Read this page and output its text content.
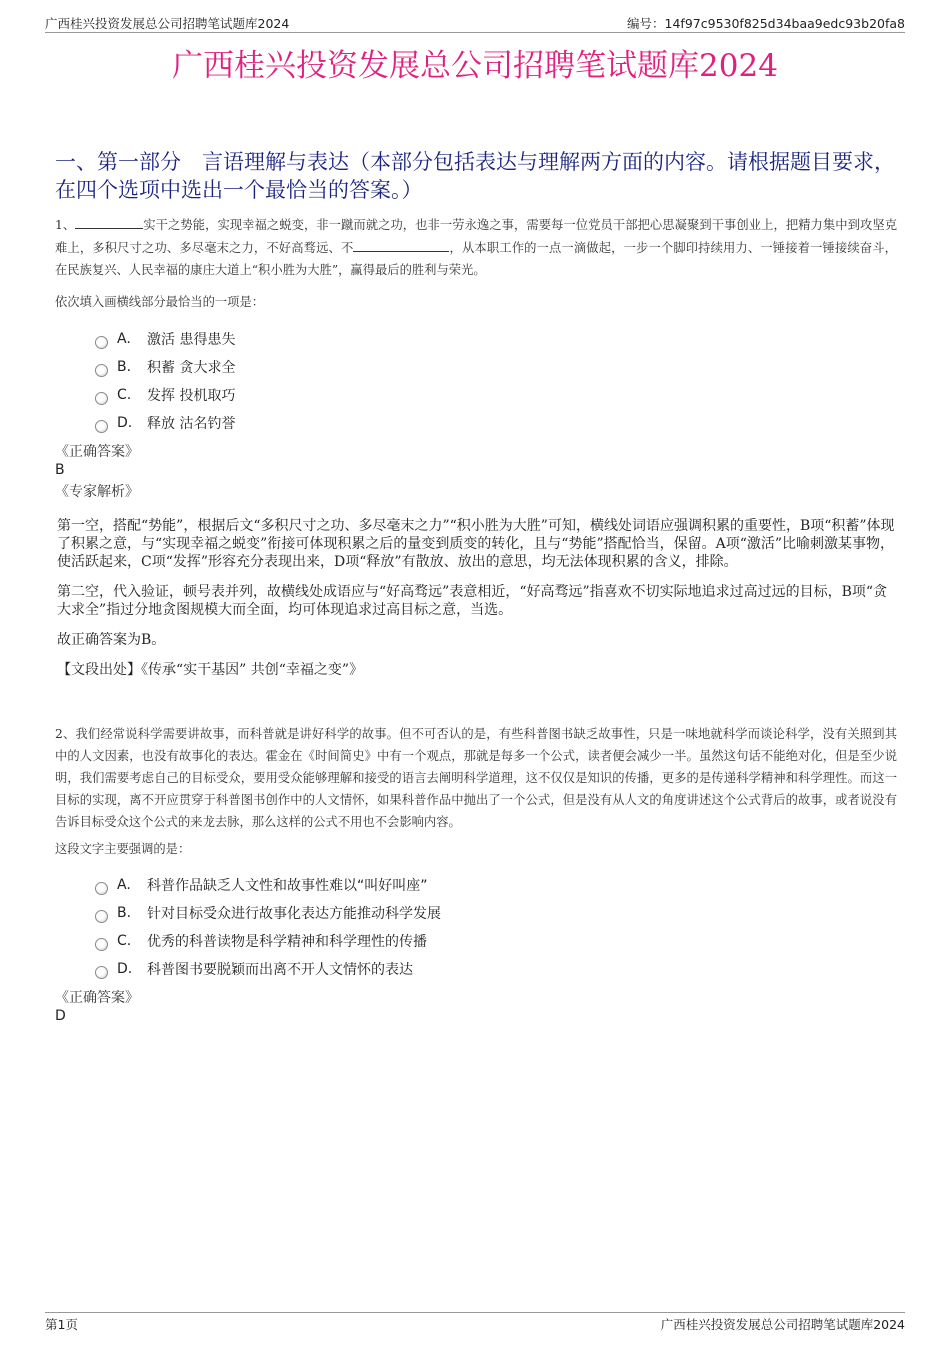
广西桂兴投资发展总公司招聘笔试题库2024	编号：14f97c9530f825d34baa9edc93b20fa8
广西桂兴投资发展总公司招聘笔试题库2024
一、第一部分　言语理解与表达（本部分包括表达与理解两方面的内容。请根据题目要求，在四个选项中选出一个最恰当的答案。）
1、	实干之势能，实现幸福之蜕变，非一蹴而就之功，也非一劳永逸之事，需要每一位党员干部把心思凝聚到干事创业上，把精力集中到攻坚克难上，多积尺寸之功、多尽毫末之力，不好高骛远、不	，从本职工作的一点一滴做起，一步一个脚印持续用力、一锤接着一锤接续奋斗，在民族复兴、人民幸福的康庄大道上“积小胜为大胜”，赢得最后的胜利与荣光。
依次填入画横线部分最恰当的一项是：
A.	激活 患得患失
B.	积蓄 贪大求全
C.	发挥 投机取巧
D.	释放 沽名钓誉
《正确答案》
B
《专家解析》

第一空，搭配“势能”，根据后文“多积尺寸之功、多尽毫末之力”“积小胜为大胜”可知，横线处词语应强调积累的重要性，B项“积蓄”体现了积累之意，与“实现幸福之蜕变”衔接可体现积累之后的量变到质变的转化，且与“势能”搭配恰当，保留。A项“激活”比喻刺激某事物，使活跃起来，C项“发挥”形容充分表现出来，D项“释放”有散放、放出的意思，均无法体现积累的含义，排除。

第二空，代入验证，顿号表并列，故横线处成语应与“好高骛远”表意相近，“好高骛远”指喜欢不切实际地追求过高过远的目标，B项“贪大求全”指过分地贪图规模大而全面，均可体现追求过高目标之意，当选。

故正确答案为B。

【文段出处】《传承“实干基因” 共创“幸福之变”》

2、我们经常说科学需要讲故事，而科普就是讲好科学的故事。但不可否认的是，有些科普图书缺乏故事性，只是一味地就科学而谈论科学，没有关照到其中的人文因素，也没有故事化的表达。霍金在《时间简史》中有一个观点，那就是每多一个公式，读者便会减少一半。虽然这句话不能绝对化，但是至少说明，我们需要考虑自己的目标受众，要用受众能够理解和接受的语言去阐明科学道理，这不仅仅是知识的传播，更多的是传递科学精神和科学理性。而这一目标的实现，离不开应贯穿于科普图书创作中的人文情怀，如果科普作品中抛出了一个公式，但是没有从人文的角度讲述这个公式背后的故事，或者说没有告诉目标受众这个公式的来龙去脉，那么这样的公式不用也不会影响内容。
这段文字主要强调的是：
A.	科普作品缺乏人文性和故事性难以“叫好叫座”
B.	针对目标受众进行故事化表达方能推动科学发展
C.	优秀的科普读物是科学精神和科学理性的传播
D.	科普图书要脱颖而出离不开人文情怀的表达
《正确答案》
D
第1页	广西桂兴投资发展总公司招聘笔试题库2024
